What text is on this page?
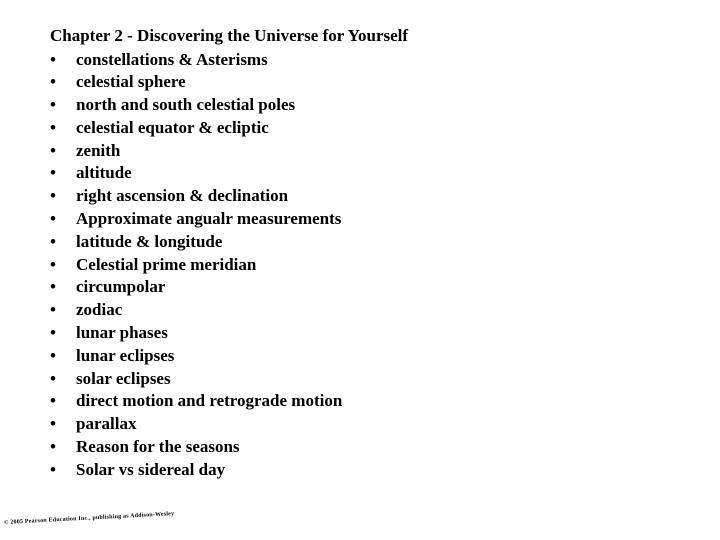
Chapter 2 - Discovering the Universe for Yourself
• constellations & Asterisms
• celestial sphere
• north and south celestial poles
• celestial equator & ecliptic
• zenith
• altitude
• right ascension & declination
• Approximate angualr measurements
• latitude & longitude
• Celestial prime meridian
• circumpolar
• zodiac
• lunar phases
• lunar eclipses
• solar eclipses
• direct motion and retrograde motion
• parallax
• Reason for the seasons
• Solar vs sidereal day
© 2005 Pearson Education Inc., publishing as Addison-Wesley
